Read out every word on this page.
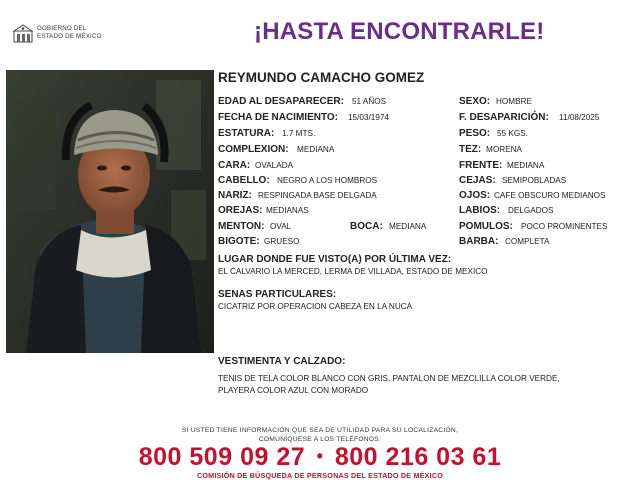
GOBIERNO DEL
ESTADO DE MÉXICO	¡HASTA ENCONTRARLE!
REYMUNDO CAMACHO GOMEZ
EDAD AL DESAPARECER: 51 AÑOS
FECHA DE NACIMIENTO: 15/03/1974
ESTATURA: 1.7 MTS.
COMPLEXION: MEDIANA
CARA: OVALADA
CABELLO: NEGRO A LOS HOMBROS
NARIZ: RESPINGADA BASE DELGADA
OREJAS: MEDIANAS
MENTON: OVAL	BOCA: MEDIANA
BIGOTE: GRUESO
SEXO: HOMBRE
F. DESAPARICIÓN: 11/08/2025
PESO: 55 KGS.
TEZ: MORENA
FRENTE: MEDIANA
CEJAS: SEMIPOBLADAS
OJOS: CAFE OBSCURO MEDIANOS
LABIOS: DELGADOS
POMULOS: POCO PROMINENTES
BARBA: COMPLETA
LUGAR DONDE FUE VISTO(A) POR ÚLTIMA VEZ:
EL CALVARIO LA MERCED, LERMA DE VILLADA, ESTADO DE MEXICO
SENAS PARTICULARES:
CICATRIZ POR OPERACION CABEZA EN LA NUCA
VESTIMENTA Y CALZADO:
TENIS DE TELA COLOR BLANCO CON GRIS, PANTALON DE MEZCLILLA COLOR VERDE,
PLAYERA COLOR AZUL CON MORADO
SI USTED TIENE INFORMACIÓN QUE SEA DE UTILIDAD PARA SU LOCALIZACIÓN,
COMUNÍQUESE A LOS TELÉFONOS:
800 509 09 27 • 800 216 03 61
COMISIÓN DE BÚSQUEDA DE PERSONAS DEL ESTADO DE MÉXICO
